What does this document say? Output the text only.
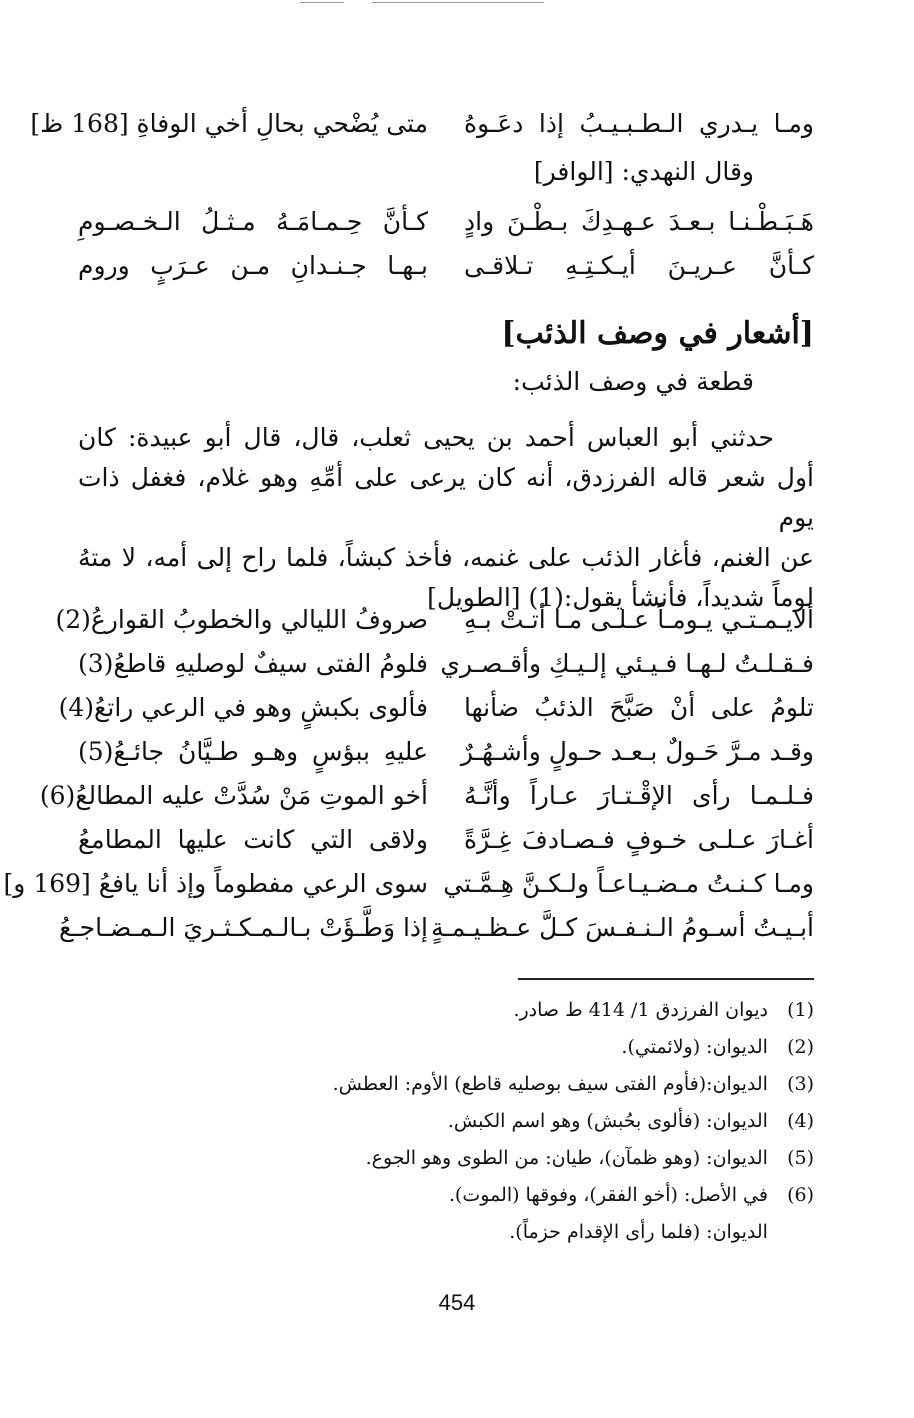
ومـا يـدري الـطـبـيـبُ إذا دعَـوهُ
متى يُضْحي بحالِ أخي الوفاةِ [168 ظ]
وقال النهدي: [الوافر]
هَـبَـطْـنـا بـعـدَ عـهـدِكَ بـطْـنَ وادٍ
كـأنَّ حِـمـامَـهُ مـثـلُ الـخـصـومِ
كـأنَّ عـريـنَ أيـكـتِـهِ تـلاقـى
بـهـا جـنـدانِ مـن عـرَبٍ وروم
[أشعار في وصف الذئب]
قطعة في وصف الذئب:
حدثني أبو العباس أحمد بن يحيى ثعلب، قال، قال أبو عبيدة: كان
أول شعر قاله الفرزدق، أنه كان يرعى على أمِّهِ وهو غلام، فغفل ذات يوم
عن الغنم، فأغار الذئب على غنمه، فأخذ كبشاً، فلما راح إلى أمه، لا متهُ
لوماً شديداً، فأنشأ يقول:(1) [الطويل]
ألايـمـتـي يـومـاً عـلـى مـا أتـتْ بـهِ
صروفُ الليالي والخطوبُ القوارعُ(2)
فـقـلـتُ لـهـا فـيـئي إلـيـكِ وأقـصـري
فلومُ الفتى سيفٌ لوصليهِ قاطعُ(3)
تلومُ على أنْ صَبَّحَ الذئبُ ضأنها
فألوى بكبشٍ وهو في الرعي راتعُ(4)
وقـد مـرَّ حَـولٌ بـعـد حـولٍ وأشـهُـرٌ
عليهِ ببؤسٍ وهـو طـيَّانُ جائـعُ(5)
فـلـمـا رأى الإقْـتـارَ عـاراً وأنَّـهُ
أخو الموتِ مَنْ سُدَّتْ عليه المطالعُ(6)
أغـارَ عـلـى خـوفٍ فـصـادفَ غِـرَّةً
ولاقى التي كانت عليها المطامعُ
ومـا كـنـتُ مـضـيـاعـاً ولـكـنَّ هِـمَّـتي
سوى الرعي مفطوماً وإذ أنا يافعُ [169 و]
أبـيـتُ أسـومُ الـنـفـسَ كـلَّ عـظـيـمـةٍ
إذا وَطَّـؤَتْ بـالـمـكـثـريَ الـمـضـاجـعُ
(1) ديوان الفرزدق 1/ 414 ط صادر.
(2) الديوان: (ولائمتي).
(3) الديوان:(فأوم الفتى سيف بوصليه قاطع) الأوم: العطش.
(4) الديوان: (فألوى بحُبش) وهو اسم الكبش.
(5) الديوان: (وهو ظمآن)، طيان: من الطوى وهو الجوع.
(6) في الأصل: (أخو الفقر)، وفوقها (الموت).
الديوان: (فلما رأى الإقدام حزماً).
454
